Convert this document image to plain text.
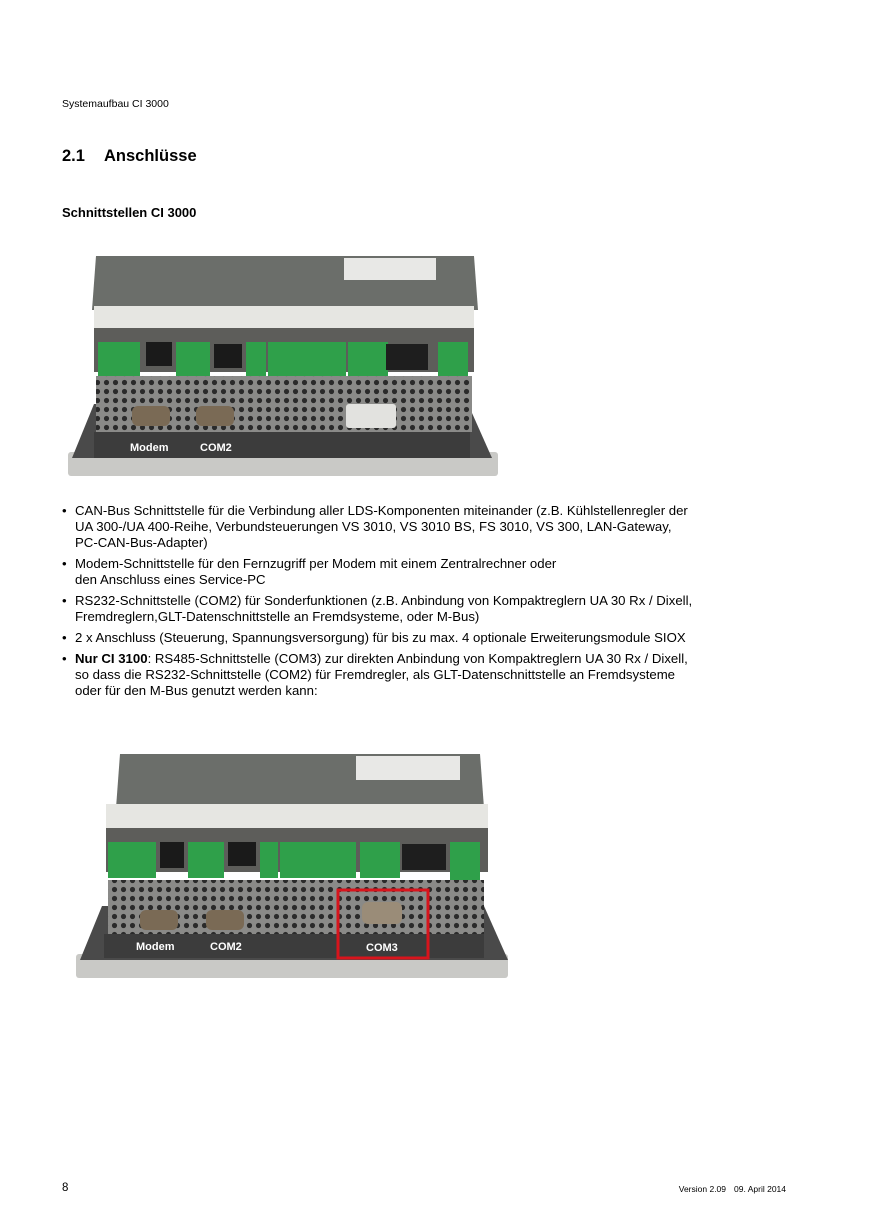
Systemaufbau CI 3000
2.1 Anschlüsse
Schnittstellen CI 3000
Modem	COM2
• CAN-Bus Schnittstelle für die Verbindung aller LDS-Komponenten miteinander (z.B. Kühlstellenregler der
UA 300-/UA 400-Reihe, Verbundsteuerungen VS 3010, VS 3010 BS, FS 3010, VS 300, LAN-Gateway,
PC-CAN-Bus-Adapter)
• Modem-Schnittstelle für den Fernzugriff per Modem mit einem Zentralrechner oder
den Anschluss eines Service-PC
• RS232-Schnittstelle (COM2) für Sonderfunktionen (z.B. Anbindung von Kompaktreglern UA 30 Rx / Dixell,
Fremdreglern,GLT-Datenschnittstelle an Fremdsysteme, oder M-Bus)
• 2 x Anschluss (Steuerung, Spannungsversorgung) für bis zu max. 4 optionale Erweiterungsmodule SIOX
• Nur CI 3100: RS485-Schnittstelle (COM3) zur direkten Anbindung von Kompaktreglern UA 30 Rx / Dixell,
so dass die RS232-Schnittstelle (COM2) für Fremdregler, als GLT-Datenschnittstelle an Fremdsysteme
oder für den M-Bus genutzt werden kann:
Modem	COM2	COM3
8	Version 2.09 09. April 2014
